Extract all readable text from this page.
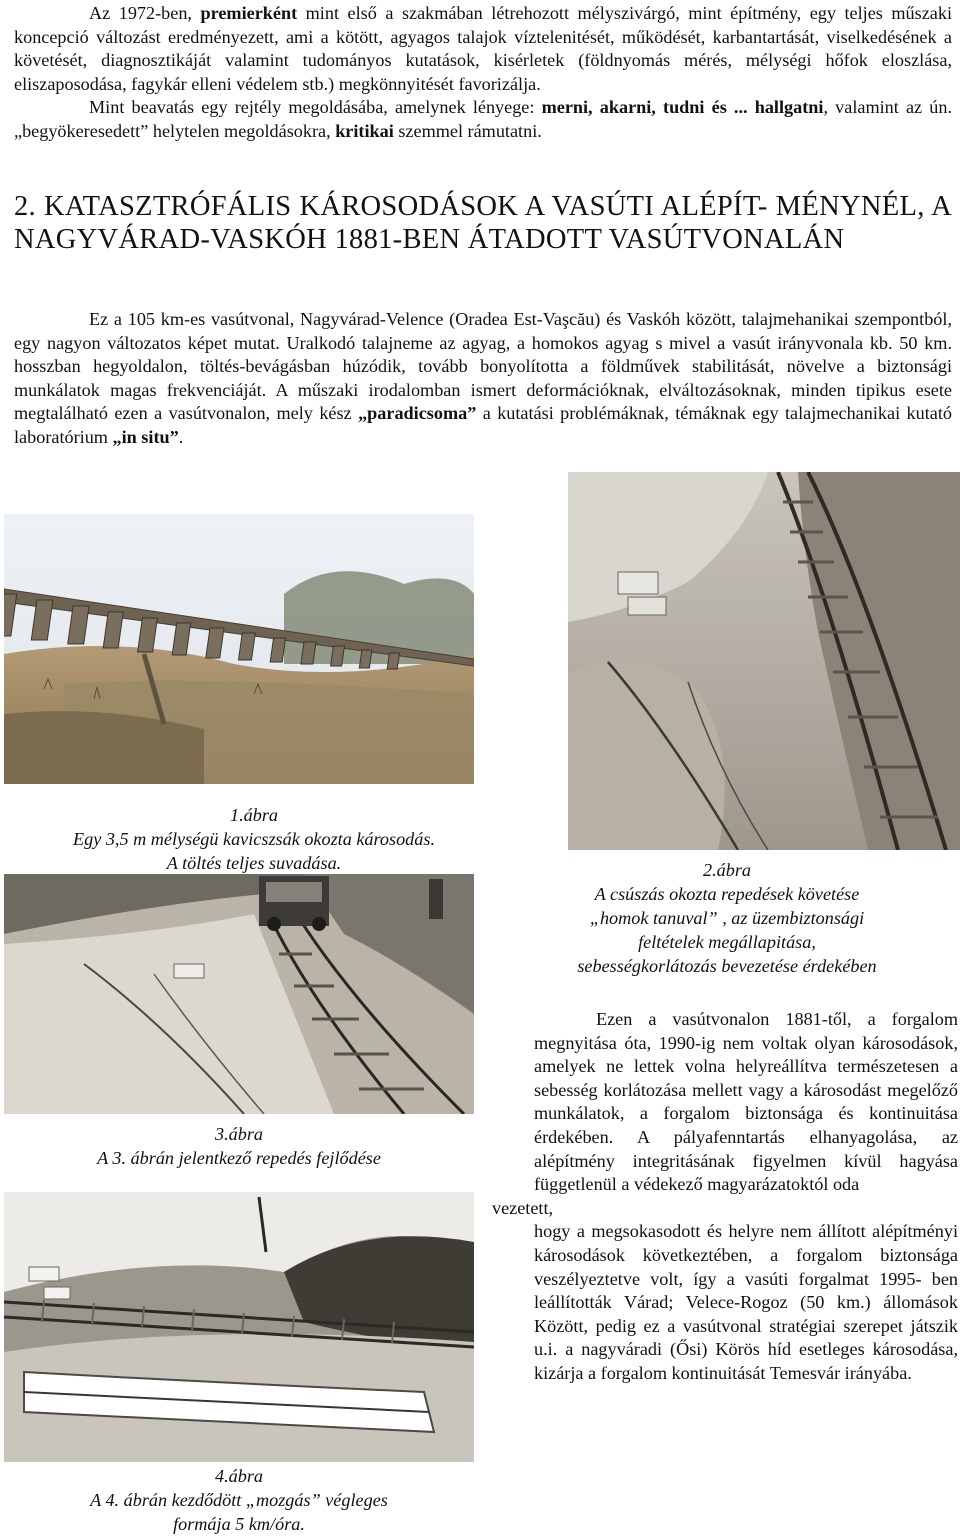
Az 1972-ben, premierként mint első a szakmában létrehozott mélyszivárgó, mint építmény, egy teljes műszaki koncepció változást eredményezett, ami a kötött, agyagos talajok víztelenitését, működését, karbantartását, viselkedésének a követését, diagnosztikáját valamint tudományos kutatások, kisérletek (földnyomás mérés, mélységi hőfok eloszlása, eliszaposodása, fagykár elleni védelem stb.) megkönnyitését favorizálja.

Mint beavatás egy rejtély megoldásába, amelynek lényege: merni, akarni, tudni és ... hallgatni, valamint az ún. „begyökeresedett” helytelen megoldásokra, kritikai szemmel rámutatni.

2. KATASZTRÓFÁLIS KÁROSODÁSOK A VASÚTI ALÉPÍT- MÉNYNÉL, A NAGYVÁRAD-VASKÓH 1881-BEN ÁTADOTT VASÚTVONALÁN
Ez a 105 km-es vasútvonal, Nagyvárad-Velence (Oradea Est-Vaşcău) és Vaskóh között, talajmehanikai szempontból, egy nagyon változatos képet mutat. Uralkodó talajneme az agyag, a homokos agyag s mivel a vasút irányvonala kb. 50 km. hosszban hegyoldalon, töltés-bevágásban húzódik, tovább bonyolította a földművek stabilitását, növelve a biztonsági munkálatok magas frekvenciáját. A műszaki irodalomban ismert deformációknak, elváltozásoknak, minden tipikus esete megtalálható ezen a vasútvonalon, mely kész „paradicsoma” a kutatási problémáknak, témáknak egy talajmechanikai kutató laboratórium „in situ”.
1.ábra
Egy 3,5 m mélységü kavicszsák okozta károsodás.
A töltés teljes suvadása.	2.ábra
A csúszás okozta repedések követése
„homok tanuval” , az üzembiztonsági
feltételek megállapitása,
sebességkorlátozás bevezetése érdekében
3.ábra
A 3. ábrán jelentkező repedés fejlődése
4.ábra
A 4. ábrán kezdődött „mozgás” végleges
formája 5 km/óra.

Ezen a vasútvonalon 1881-től, a forgalom megnyitása óta, 1990-ig nem voltak olyan károsodások, amelyek ne lettek volna helyreállítva természetesen a sebesség korlátozása mellett vagy a károsodást megelőző munkálatok, a forgalom biztonsága és kontinuitása érdekében. A pályafenntartás elhanyagolása, az alépítmény integritásának figyelmen kívül hagyása függetlenül a védekező magyarázatoktól oda

vezetett,

hogy a megsokasodott és helyre nem állított alépítményi károsodások következtében, a forgalom biztonsága veszélyeztetve volt, így a vasúti forgalmat 1995- ben leállították Várad; Velece-Rogoz (50 km.) állomások Között, pedig ez a vasútvonal stratégiai szerepet játszik u.i. a nagyváradi (Ősi) Körös híd esetleges károsodása, kizárja a forgalom kontinuitását Temesvár irányába.
